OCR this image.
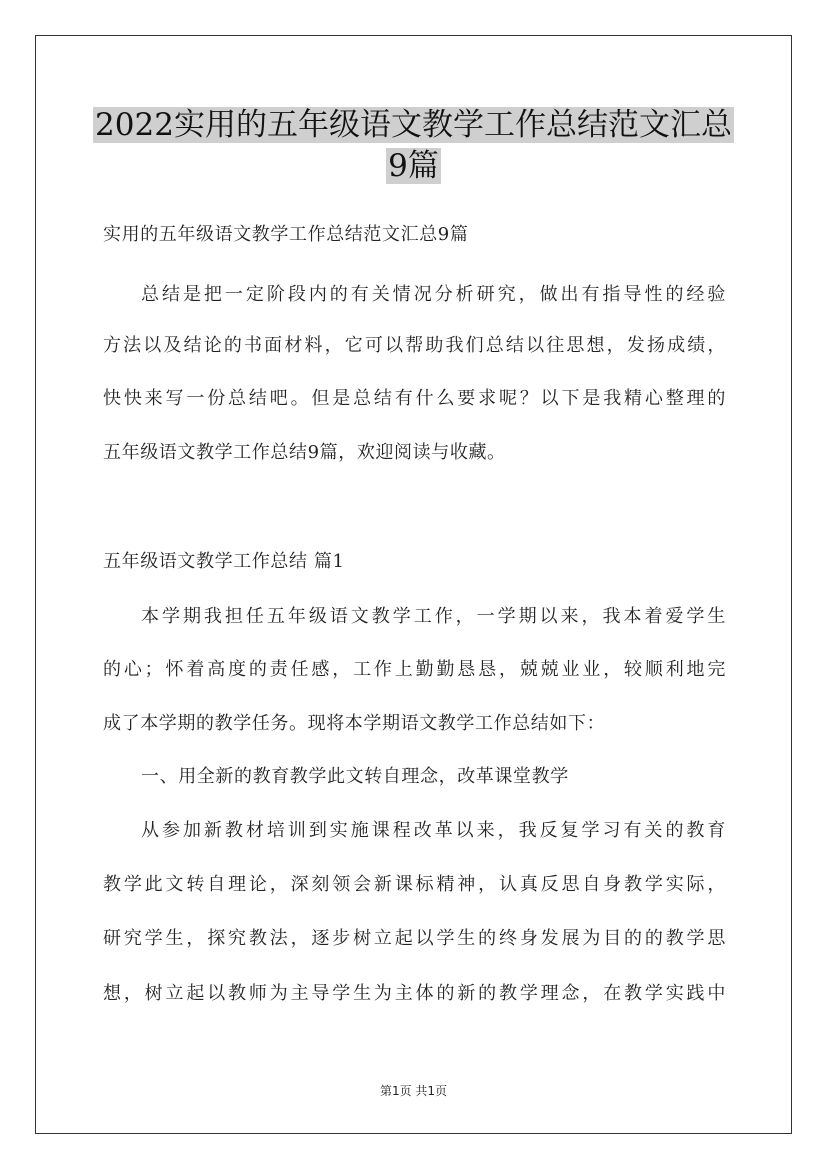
2022实用的五年级语文教学工作总结范文汇总
9篇
实用的五年级语文教学工作总结范文汇总9篇
总结是把一定阶段内的有关情况分析研究，做出有指导性的经验
方法以及结论的书面材料，它可以帮助我们总结以往思想，发扬成绩，
快快来写一份总结吧。但是总结有什么要求呢？以下是我精心整理的
五年级语文教学工作总结9篇，欢迎阅读与收藏。
五年级语文教学工作总结 篇1
本学期我担任五年级语文教学工作，一学期以来，我本着爱学生
的心；怀着高度的责任感，工作上勤勤恳恳，兢兢业业，较顺利地完
成了本学期的教学任务。现将本学期语文教学工作总结如下：
一、用全新的教育教学此文转自理念，改革课堂教学
从参加新教材培训到实施课程改革以来，我反复学习有关的教育
教学此文转自理论，深刻领会新课标精神，认真反思自身教学实际，
研究学生，探究教法，逐步树立起以学生的终身发展为目的的教学思
想，树立起以教师为主导学生为主体的新的教学理念，在教学实践中
第1页 共1页
